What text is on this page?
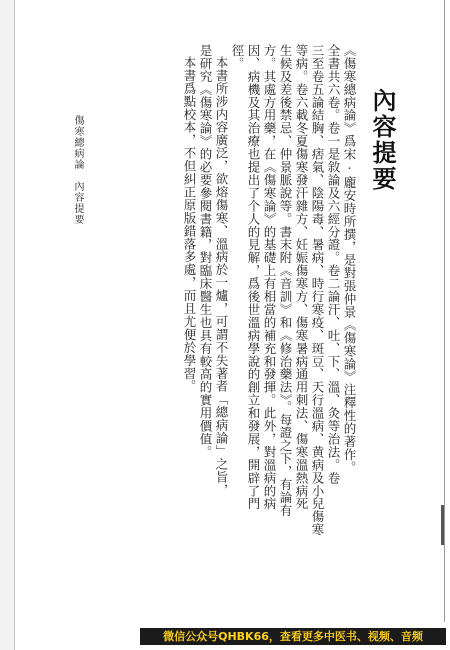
內容提要
《傷寒總病論》爲宋·龐安時所撰，是對張仲景《傷寒論》注釋性的著作。
全書共六卷。卷一是敘論及六經分證。卷二論汗、吐、下、溫、灸等治法。卷
三至卷五論結胸、痞氣、陰陽毒、暑病、時行寒疫、斑豆、天行溫病、黄病及小兒傷寒
等病。卷六載冬夏傷寒發汗雜方、妊娠傷寒方、傷寒暑病通用刺法、傷寒溫熱病死
生候及差後禁忌、仲景脈說等。書末附《音訓》和《修治藥法》。每證之下，有論有
方。其處方用藥，在《傷寒論》的基礎上有相當的補充和發揮。此外，對溫病的病
因、病機及其治療也提出了个人的見解，爲後世溫病學說的創立和發展，開辟了門
徑。
本書所涉内容廣泛，欲熔傷寒、溫病於一爐，可謂不失著者「總病論」之旨，
是研究《傷寒論》的必要參閱書籍，對臨床醫生也具有較高的實用價值。
本書爲點校本，不但糾正原版錯落多處，而且尤便於學習。
傷寒總病論　內容提要
微信公众号QHBK66，查看更多中医书、视频、音频
